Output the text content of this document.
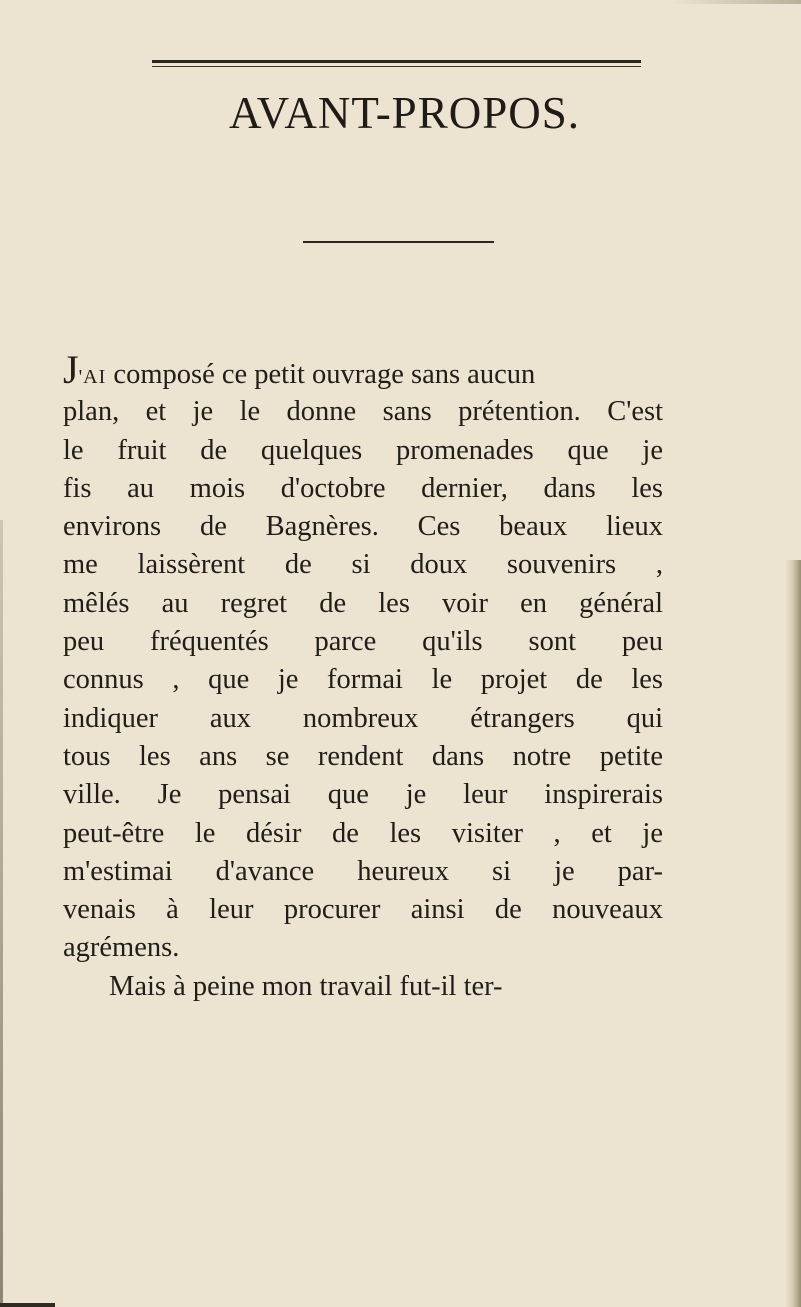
AVANT-PROPOS.
J'AI composé ce petit ouvrage sans aucun
plan, et je le donne sans prétention. C'est
le fruit de quelques promenades que je
fis au mois d'octobre dernier, dans les
environs de Bagnères. Ces beaux lieux
me laissèrent de si doux souvenirs ,
mêlés au regret de les voir en général
peu fréquentés parce qu'ils sont peu
connus , que je formai le projet de les
indiquer aux nombreux étrangers qui
tous les ans se rendent dans notre petite
ville. Je pensai que je leur inspirerais
peut-être le désir de les visiter , et je
m'estimai d'avance heureux si je par-
venais à leur procurer ainsi de nouveaux
agrémens.
Mais à peine mon travail fut-il ter-
